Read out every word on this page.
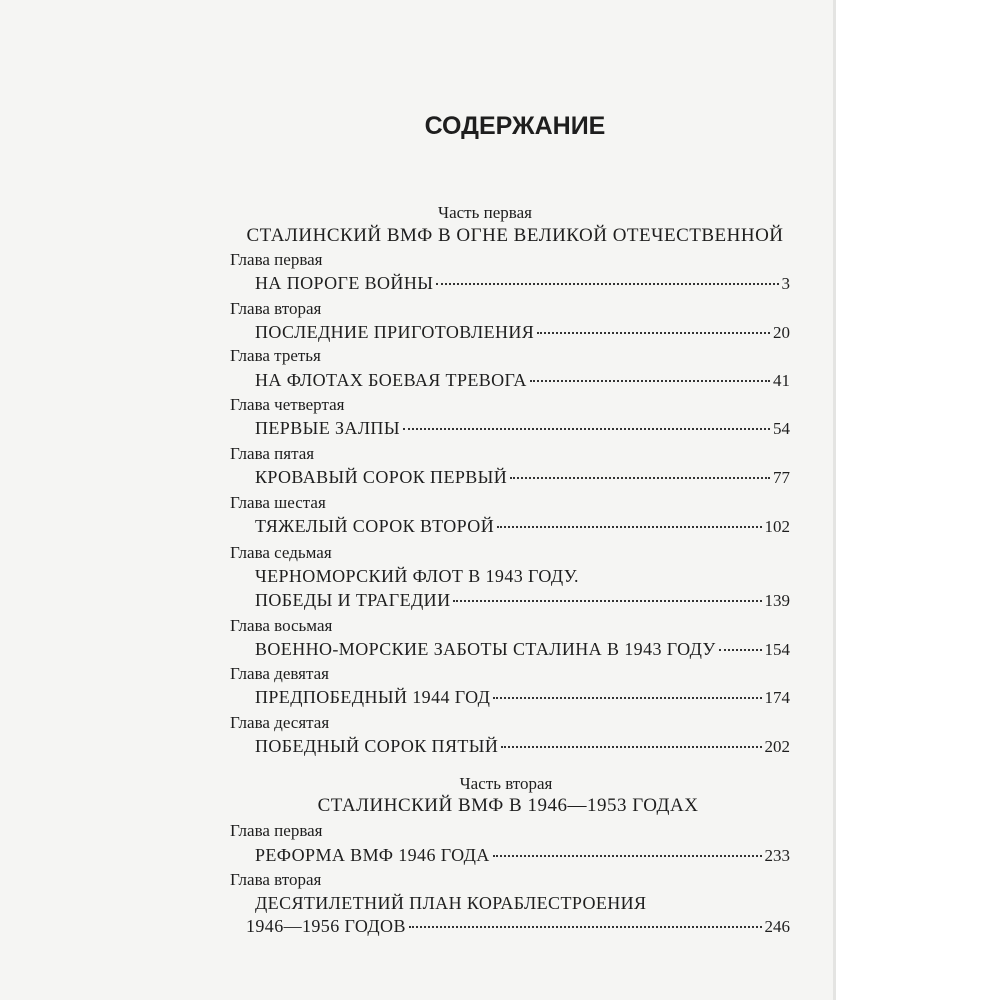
СОДЕРЖАНИЕ
Часть первая
СТАЛИНСКИЙ ВМФ В ОГНЕ ВЕЛИКОЙ ОТЕЧЕСТВЕННОЙ
Глава первая
НА ПОРОГЕ ВОЙНЫ	3
Глава вторая
ПОСЛЕДНИЕ ПРИГОТОВЛЕНИЯ	20
Глава третья
НА ФЛОТАХ БОЕВАЯ ТРЕВОГА	41
Глава четвертая
ПЕРВЫЕ ЗАЛПЫ	54
Глава пятая
КРОВАВЫЙ СОРОК ПЕРВЫЙ	77
Глава шестая
ТЯЖЕЛЫЙ СОРОК ВТОРОЙ	102
Глава седьмая
ЧЕРНОМОРСКИЙ ФЛОТ В 1943 ГОДУ.
ПОБЕДЫ И ТРАГЕДИИ	139
Глава восьмая
ВОЕННО-МОРСКИЕ ЗАБОТЫ СТАЛИНА В 1943 ГОДУ	154
Глава девятая
ПРЕДПОБЕДНЫЙ 1944 ГОД	174
Глава десятая
ПОБЕДНЫЙ СОРОК ПЯТЫЙ	202
Часть вторая
СТАЛИНСКИЙ ВМФ В 1946—1953 ГОДАХ
Глава первая
РЕФОРМА ВМФ 1946 ГОДА	233
Глава вторая
ДЕСЯТИЛЕТНИЙ ПЛАН КОРАБЛЕСТРОЕНИЯ
1946—1956 ГОДОВ	246
